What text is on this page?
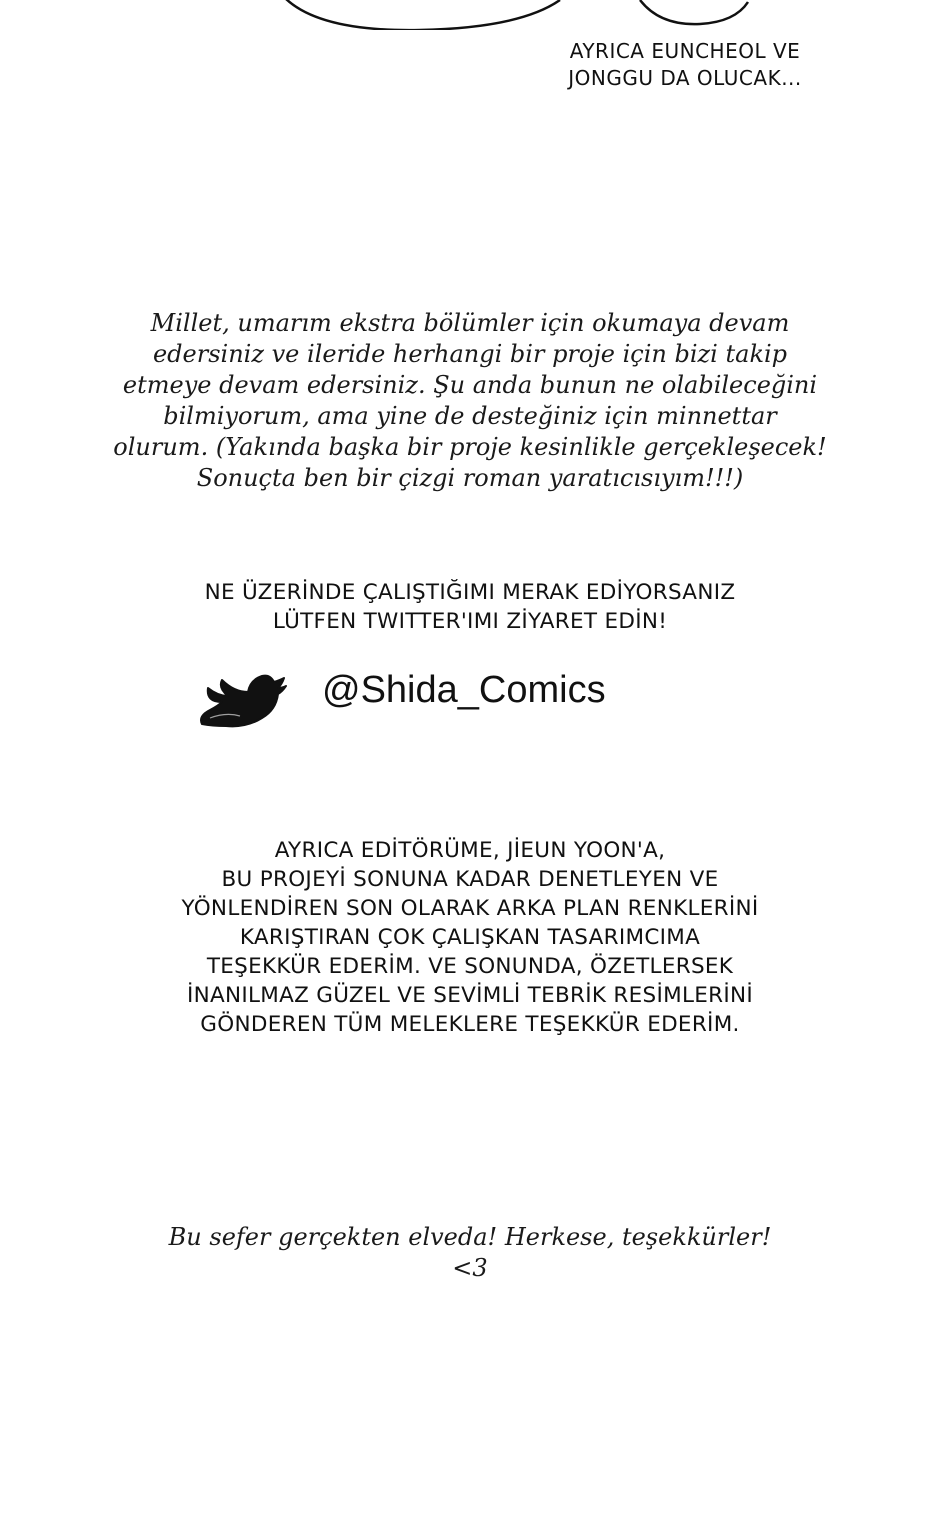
AYRICA EUNCHEOL VE
JONGGU DA OLUCAK...
Millet, umarım ekstra bölümler için okumaya devam
edersiniz ve ileride herhangi bir proje için bizi takip
etmeye devam edersiniz. Şu anda bunun ne olabileceğini
bilmiyorum, ama yine de desteğiniz için minnettar
olurum. (Yakında başka bir proje kesinlikle gerçekleşecek!
Sonuçta ben bir çizgi roman yaratıcısıyım!!!)
NE ÜZERİNDE ÇALIŞTIĞIMI MERAK EDİYORSANIZ
LÜTFEN TWITTER'IMI ZİYARET EDİN!
@Shida_Comics
AYRICA EDİTÖRÜME, JİEUN YOON'A,
BU PROJEYİ SONUNA KADAR DENETLEYEN VE
YÖNLENDİREN SON OLARAK ARKA PLAN RENKLERİNİ
KARIŞTIRAN ÇOK ÇALIŞKAN TASARIMCIMA
TEŞEKKÜR EDERİM. VE SONUNDA, ÖZETLERSEK
İNANILMAZ GÜZEL VE SEVİMLİ TEBRİK RESİMLERİNİ
GÖNDEREN TÜM MELEKLERE TEŞEKKÜR EDERİM.
Bu sefer gerçekten elveda! Herkese, teşekkürler!
<3
